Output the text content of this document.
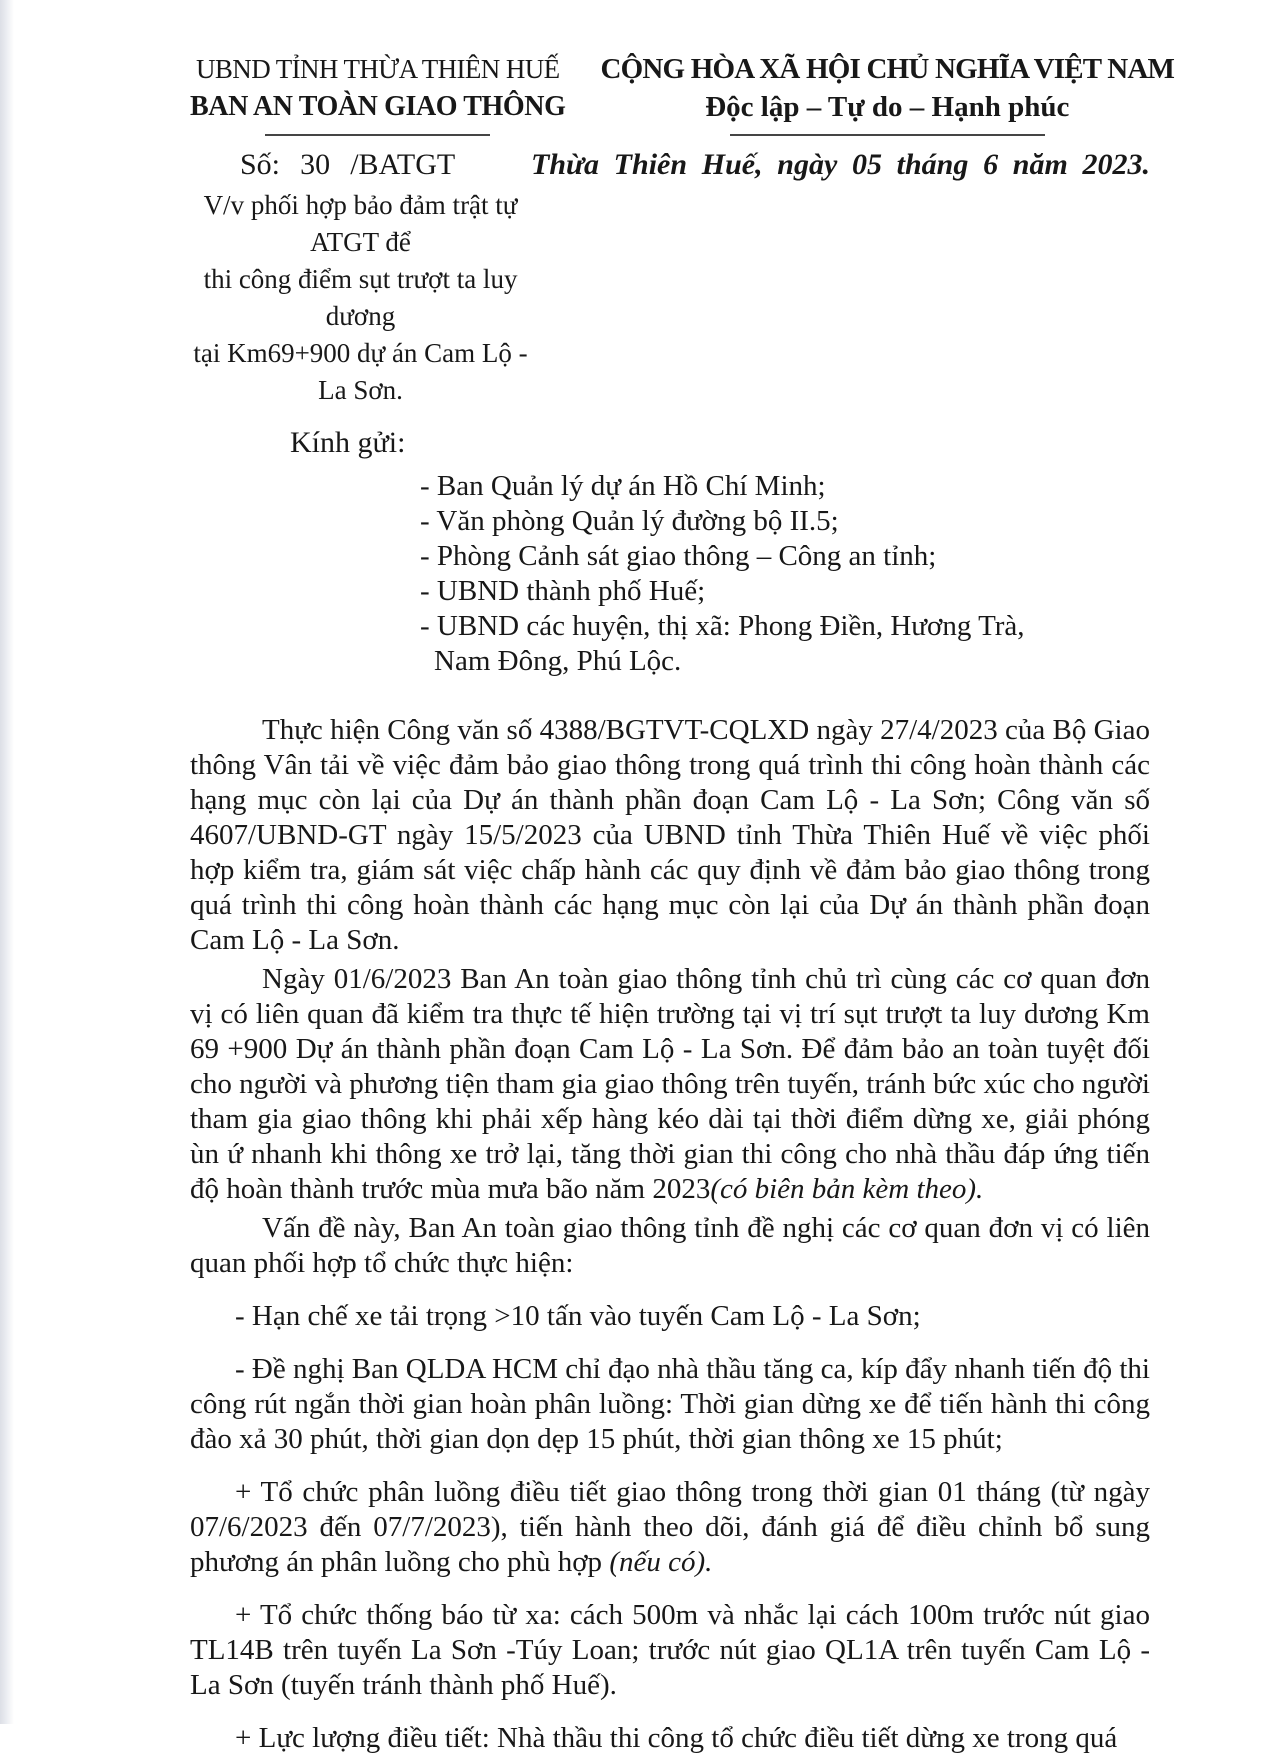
UBND TỈNH THỪA THIÊN HUẾ
BAN AN TOÀN GIAO THÔNG
CỘNG HÒA XÃ HỘI CHỦ NGHĨA VIỆT NAM
Độc lập – Tự do – Hạnh phúc
Số: 30 /BATGT
V/v phối hợp bảo đảm trật tự ATGT để
thi công điểm sụt trượt ta luy dương
tại Km69+900 dự án Cam Lộ - La Sơn.
Thừa Thiên Huế, ngày 05 tháng 6 năm 2023.
Kính gửi:
- Ban Quản lý dự án Hồ Chí Minh;
- Văn phòng Quản lý đường bộ II.5;
- Phòng Cảnh sát giao thông – Công an tỉnh;
- UBND thành phố Huế;
- UBND các huyện, thị xã: Phong Điền, Hương Trà,
Nam Đông, Phú Lộc.

Thực hiện Công văn số 4388/BGTVT-CQLXD ngày 27/4/2023 của Bộ Giao thông Vân tải về việc đảm bảo giao thông trong quá trình thi công hoàn thành các hạng mục còn lại của Dự án thành phần đoạn Cam Lộ - La Sơn; Công văn số 4607/UBND-GT ngày 15/5/2023 của UBND tỉnh Thừa Thiên Huế về việc phối hợp kiểm tra, giám sát việc chấp hành các quy định về đảm bảo giao thông trong quá trình thi công hoàn thành các hạng mục còn lại của Dự án thành phần đoạn Cam Lộ - La Sơn.

Ngày 01/6/2023 Ban An toàn giao thông tỉnh chủ trì cùng các cơ quan đơn vị có liên quan đã kiểm tra thực tế hiện trường tại vị trí sụt trượt ta luy dương Km 69 +900 Dự án thành phần đoạn Cam Lộ - La Sơn. Để đảm bảo an toàn tuyệt đối cho người và phương tiện tham gia giao thông trên tuyến, tránh bức xúc cho người tham gia giao thông khi phải xếp hàng kéo dài tại thời điểm dừng xe, giải phóng ùn ứ nhanh khi thông xe trở lại, tăng thời gian thi công cho nhà thầu đáp ứng tiến độ hoàn thành trước mùa mưa bão năm 2023(có biên bản kèm theo).

Vấn đề này, Ban An toàn giao thông tỉnh đề nghị các cơ quan đơn vị có liên quan phối hợp tổ chức thực hiện:

- Hạn chế xe tải trọng >10 tấn vào tuyến Cam Lộ - La Sơn;

- Đề nghị Ban QLDA HCM chỉ đạo nhà thầu tăng ca, kíp đẩy nhanh tiến độ thi công rút ngắn thời gian hoàn phân luồng: Thời gian dừng xe để tiến hành thi công đào xả 30 phút, thời gian dọn dẹp 15 phút, thời gian thông xe 15 phút;

+ Tổ chức phân luồng điều tiết giao thông trong thời gian 01 tháng (từ ngày 07/6/2023 đến 07/7/2023), tiến hành theo dõi, đánh giá để điều chỉnh bổ sung phương án phân luồng cho phù hợp (nếu có).

+ Tổ chức thống báo từ xa: cách 500m và nhắc lại cách 100m trước nút giao TL14B trên tuyến La Sơn -Túy Loan; trước nút giao QL1A trên tuyến Cam Lộ - La Sơn (tuyến tránh thành phố Huế).

+ Lực lượng điều tiết: Nhà thầu thi công tổ chức điều tiết dừng xe trong quá
